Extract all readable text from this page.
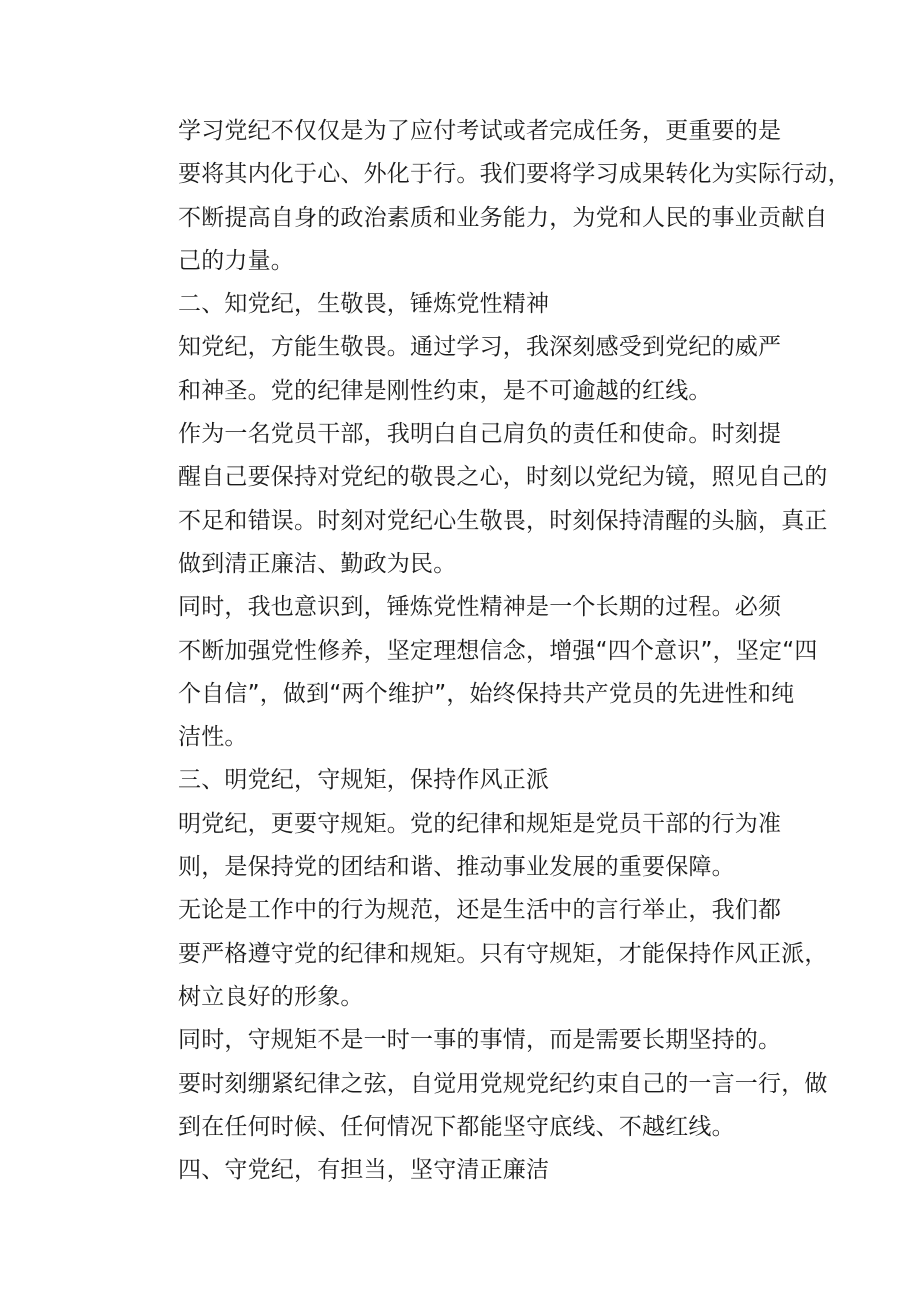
学习党纪不仅仅是为了应付考试或者完成任务，更重要的是
要将其内化于心、外化于行。我们要将学习成果转化为实际行动，
不断提高自身的政治素质和业务能力，为党和人民的事业贡献自
己的力量。

二、知党纪，生敬畏，锤炼党性精神

知党纪，方能生敬畏。通过学习，我深刻感受到党纪的威严
和神圣。党的纪律是刚性约束，是不可逾越的红线。

作为一名党员干部，我明白自己肩负的责任和使命。时刻提
醒自己要保持对党纪的敬畏之心，时刻以党纪为镜，照见自己的
不足和错误。时刻对党纪心生敬畏，时刻保持清醒的头脑，真正
做到清正廉洁、勤政为民。

同时，我也意识到，锤炼党性精神是一个长期的过程。必须
不断加强党性修养，坚定理想信念，增强“四个意识”，坚定“四
个自信”，做到“两个维护”，始终保持共产党员的先进性和纯
洁性。

三、明党纪，守规矩，保持作风正派

明党纪，更要守规矩。党的纪律和规矩是党员干部的行为准
则，是保持党的团结和谐、推动事业发展的重要保障。

无论是工作中的行为规范，还是生活中的言行举止，我们都
要严格遵守党的纪律和规矩。只有守规矩，才能保持作风正派，
树立良好的形象。

同时，守规矩不是一时一事的事情，而是需要长期坚持的。
要时刻绷紧纪律之弦，自觉用党规党纪约束自己的一言一行，做
到在任何时候、任何情况下都能坚守底线、不越红线。

四、守党纪，有担当，坚守清正廉洁
